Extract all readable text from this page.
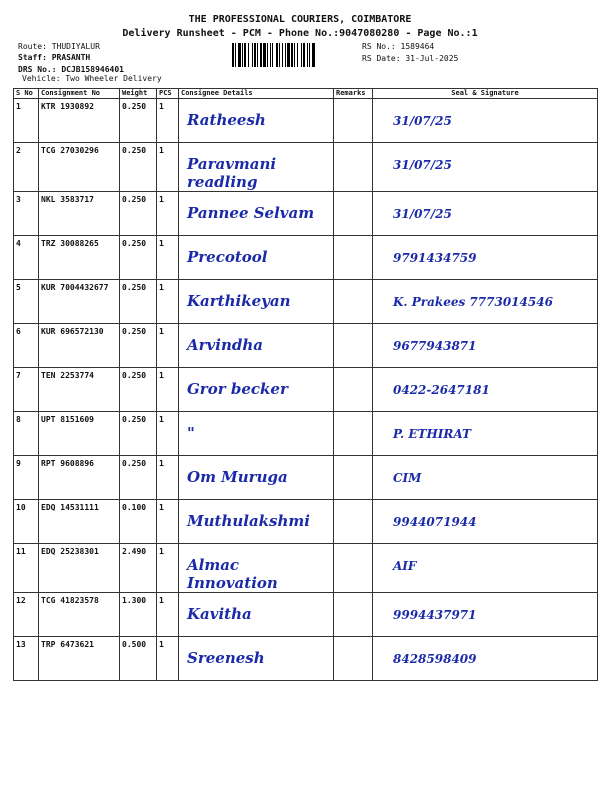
THE PROFESSIONAL COURIERS, COIMBATORE
Delivery Runsheet - PCM - Phone No.:9047080280 - Page No.:1
Route: THUDIYALUR
Staff: PRASANTH
DRS No.: DCJB158946401
Vehicle: Two Wheeler Delivery
RS No.: 1589464
RS Date: 31-Jul-2025
S No	Consignment No	Weight	PCS	Consignee Details	Remarks	Seal & Signature
1	KTR 1930892	0.250	1	Ratheesh		31/07/25

2	TCG 27030296	0.250	1	Paravmani readling		31/07/25

3	NKL 3583717	0.250	1	Pannee Selvam		31/07/25

4	TRZ 30088265	0.250	1	Precotool		9791434759

5	KUR 7004432677	0.250	1	Karthikeyan		K. Prakees 7773014546

6	KUR 696572130	0.250	1	Arvindha		9677943871

7	TEN 2253774	0.250	1	Gror becker		0422-2647181

8	UPT 8151609	0.250	1	"		P. ETHIRAT

9	RPT 9608896	0.250	1	Om Muruga		CIM

10	EDQ 14531111	0.100	1	Muthulakshmi		9944071944

11	EDQ 25238301	2.490	1	Almac Innovation		AIF

12	TCG 41823578	1.300	1	Kavitha		9994437971

13	TRP 6473621	0.500	1	Sreenesh		8428598409
